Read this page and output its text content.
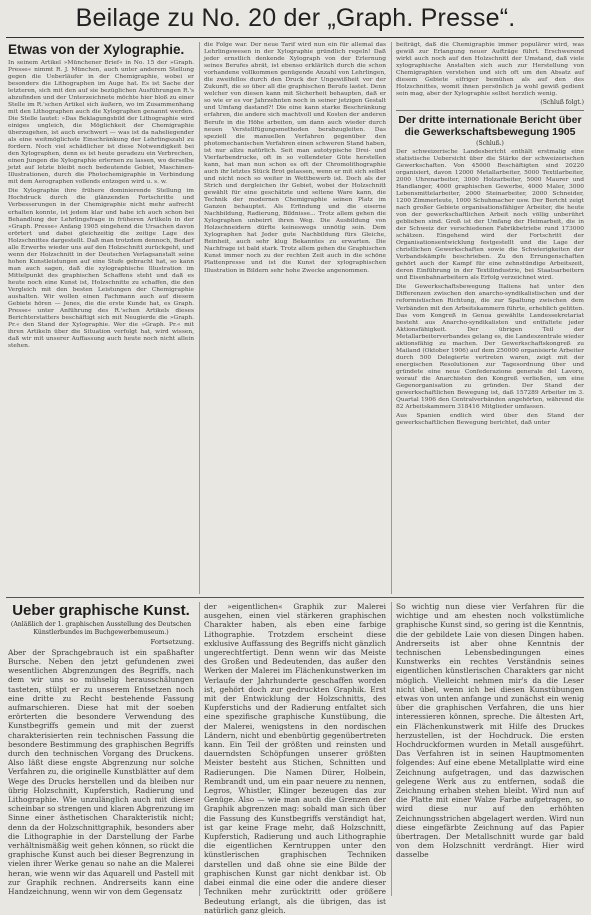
Beilage zu No. 20 der „Graph. Presse“.
Etwas von der Xylographie.
In seinem Artikel »Münchener Brief« in No. 15 der »Graph. Presse« nimmt R. J. München, auch unter anderem Stellung gegen die Ueberläufer in der Chemigraphie, wobei er besonders die Lithographen im Auge hat. Es ist Sache der letzteren, sich mit den auf sie bezüglichen Ausführungen R.'s abzufinden und der Unterzeichnete möchte hier bloß zu einer Stelle im R.'schen Artikel sich äußern, wo im Zusammenhang mit den Lithographen auch die Xylographen genannt werden. Die Stelle lautet: »Das Beklagungsbild der Lithographie wird einiges ungleich, die Möglichkeit der Chemigraphie überzugehen, ist auch erschwert — was ist da naheliegender als eine weitmöglichste Einschränkung der Lehrlingszahl zu fordern. Noch viel schädlicher ist diese Notwendigkeit bei den Xylographen, denn es ist heute geradezu ein Verbrechen, einen Jungen die Xylographie erlernen zu lassen, wo derselbe jetzt auf letzte bleibt noch bedeutende Gebiet, Maschinen-Illustrationen, durch die Photochemigraphie in Verbindung mit dem Aerographen vollends entzogen wird u. s. w.
Die Xylographie ihre frühere dominierende Stellung im Hochdruck durch die glänzenden Fortschritte und Verbesserungen in der Chemigraphie nicht mehr aufrecht erhalten konnte, ist jedem klar und habe ich auch schon bei Behandlung der Lehrlingsfrage in früheren Artikeln in der »Graph. Presse« Anfang 1905 eingehend die Ursachen davon erörtert und dabei gleichzeitig die zeitige Lage des Holzschnittes dargestellt. Daß man trotzdem dennoch, Bedarf alle Erwerbs wieder uns auf den Holzschnitt zurückgeht, und wenn der Holzschnitt in der Deutschen Verlagsanstalt seine hohen Kunstleistungen auf eine Stufe gebracht hat, so kann man auch sagen, daß die xylographische Illustration im Mittelpunkt des graphischen Schaffens steht und daß es heute noch eine Kunst ist, Holzschnitte zu schaffen, die den Vergleich mit den besten Leistungen der Chemigraphie aushalten. Wir wollen einen Fachmann auch auf diesem Gebiete hören — Jenes, die die erste Kunde hat, es Graph. Presse« unter Anführung des R.'schen Artikels dieses Berichterstatters beschäftigt sich mit Neugierde die »Graph. Pr.« den Stand der Xylographie. Wer die »Graph. Pr.« mit ihren Artikeln über die Situation verfolgt hat, wird wissen, daß wir mit unserer Auffassung auch heute noch nicht allein stehen.
die Folge war. Der neue Tarif wird nun ein für allemal das Lehrlingswesen in der Xylographie gründlich regeln! Daß jeder ernstlich denkende Xylograph von der Erlernung seines Berufes abrät, ist ebenso erklärlich durch die schon vorhandene vollkommen genügende Anzahl von Lehrlingen, die zweifellos durch den Druck der Ungewißheit vor der Zukunft, die so über all die graphischen Berufe lastet. Denn welcher von diesen kann mit Sicherheit behaupten, daß er so wie er es vor Jahrzehnten noch in seiner jetzigen Gestalt und Umfang dastand?! Die eine kann starke Beschränkung erfahren, die andere sich machtvoll und Kosten der anderen Berufe in die Höhe arbeiten, um dann auch wieder durch neuen Verstellfügungsmethoden berabzugleiten. Das speziell die manuellen Verfahren gegenüber den photomechanischen Verfahren einen schweren Stand haben, ist nur allzu natürlich. Seit man autotypische Drei- und Vierfarbendrucke, oft in so vollendeter Güte herstellen kann, hat man nun schon es oft der Chromolithographie auch ihr letztes Stück Brot gelassen, wenn er mit sich selbst und nicht noch so weiter in Wettbewerb ist. Doch als der Strich und dergleichen ihr Gebiet, wobei der Holzschnitt gewählt für eine geschätzte und seltene Ware kann, die Technik der modernen Chemigraphie seinen Platz im Ganzen behauptet. Als Erfindung und die eiserne Nachbildung, Radierung, Bildnisse... Trotz allem gehen die Xylographen unbeirrt ihren Weg. Die Ausbildung von Holzschneidern dürfte keineswegs unnötig sein. Dem Xylographen hat Jeder gute Nachbildung fürs Gleiche, Reinheit, auch sehr klug Bekanntes zu erwarten. Die Nachfrage ist bald stark. Trotz allem gehen die Graphischen Kunst immer noch zu der rechten Zeit auch in die schöne Plattenpresse und ist die Kunst der xylographischen Illustration in Bildern sehr hohe Zwecke angenommen.
beiträgt, daß die Chemigraphie immer populärer wird, was gewiß zur Erlangung neuer Aufträge führt. Erschwerend wirkt auch noch auf den Holzschnitt der Umstand, daß viele xylographische Anstalten sich auch zur Herstellung von Chemigraphien verstehen und sich oft um den Absatz auf diesem Gebiete eifriger bemühen als auf den des Holzschnittes, womit ihnen persönlich ja wohl gewiß gedient sein mag, aber der Xylographie selbst herzlich wenig.
(Schluß folgt.)
Der dritte internationale Bericht über die Gewerkschaftsbewegung 1905
(Schluß.)
Der schweizerische Landesbericht enthält erstmalig eine statistische Uebersicht über die Stärke der schweizerischen Gewerkschaften. Von 45000 Beschäftigten sind 20220 organisiert, davon 12000 Metallarbeiter, 5000 Textilarbeiter, 2000 Uhrenarbeiter, 3000 Holzarbeiter, 5000 Maurer und Handlanger, 4000 graphischen Gewerbe, 4000 Maler, 3000 Lebensmittelarbeiter, 2000 Steinarbeiter, 2000 Schneider, 1200 Zimmerleute, 1000 Schuhmacher usw. Der Bericht zeigt nach großer Gebiete organisationsfähiger Arbeiter, die heute von der gewerkschaftlichen Arbeit noch völlig unberührt geblieben sind. Groß ist der Umfang der Heimarbeit, die in der Schweiz der verschiedenen Fabrikbetriebe rund 173000 schätzen. Eingehend wird der Fortschritt der Organisationsentwicklung festgestellt und die Lage der christlichen Gewerkschaften sowie die Schwierigkeiten der Verbandskämpfe beschrieben. Zu den Errungenschaften gehört auch der Kampf für eine zehnstündige Arbeitszeit, deren Einführung in der Textilindustrie, bei Staatsarbeitern und Eisenbahnarbeitern als Erfolg verzeichnet wird.
Die Gewerkschaftsbewegung Italiens hat unter den Differenzen zwischen den anarcho-syndikalistischen und der reformistischen Richtung, die zur Spaltung zwischen dem Verbänden mit den Arbeitskammern führte, erheblich gelitten. Das vom Kongreß in Genua gewählte Landessekretariat besteht aus Anarcho-syndikalisten und entfaltete jeder Aktionsfähigkeit. Der übrigen Teil der Metallarbeiterverbandes gelang es, die Landeszentrale wieder aktionsfähig zu machen. Der Gewerkschaftskongreß zu Mailand (Oktober 1906) auf dem 250000 organisierte Arbeiter durch 500 Delegierte vertreten waren, zeigt mit der energischen Resolutionen zur Tagesordnung über und gründete eine neue Confederazione generale del Lavoro, worauf die Anarchisten den Kongreß verließen, um eine Gegenorganisation zu gründen. Der Stand der gewerkschaftlichen Bewegung ist, daß 157289 Arbeiter im 3. Quartal 1906 den Centralverbänden angehörten, während die 82 Arbeitskammern 318416 Mitglieder umfassen.
Aus Spanien endlich wird über den Stand der gewerkschaftlichen Bewegung berichtet, daß unter
Ueber graphische Kunst.
(Anläßlich der 1. graphischen Ausstellung des Deutschen Künstlerbundes im Buchgewerbemuseum.)
Fortsetzung.
Aber der Sprachgebrauch ist ein spaßhafter Bursche. Neben den jetzt gefundenen zwei wesentlichen Abgrenzungen des Begriffs, nach dem wir uns so mühselig herausschälungen tasteten, stülpt er zu unserem Entsetzen noch eine dritte zu Recht bestehende Fassung aufmarschieren. Diese hat mit der soeben erörterten die besondere Verwendung des Kunstbegriffs gemein und mit der zuerst charakterisierten rein technischen Fassung die besondere Bestimmung des graphischen Begriffs durch den technischen Vorgang des Druckens. Also läßt diese engste Abgrenzung nur solche Verfahren zu, die originelle Kunstblätter auf dem Wege des Drucks herstellen und da bleiben nur übrig Holzschnitt, Kupferstich, Radierung und Lithographie. Wie unzulänglich auch mit dieser scheinbar so strengen und klaren Abgrenzung im Sinne einer ästhetischen Charakteristik nicht; denn da der Holzschnittgraphik, besonders aber die Lithographie in der Darstellung der Farbe verhältnismäßig weit gehen können, so rückt die graphische Kunst auch bei dieser Begrenzung in vielen ihrer Werke genau so nahe an die Malerei heran, wie wenn wir das Aquarell und Pastell mit zur Graphik rechnen. Andrerseits kann eine Handzeichnung, wenn wir von dem Gegensatz
der »eigentlichen« Graphik zur Malerei ausgehen, einen viel stärkeren graphischen Charakter haben, als eben eine farbige Lithographie. Trotzdem erscheint diese exklusive Auffassung des Begriffs nicht gänzlich ungerechtfertigt. Denn wenn wir das Meiste des Großen und Bedeutenden, das außer den Werken der Malerei im Flächenkunstwerken im Verlaufe der Jahrhunderte geschaffen worden ist, gehört doch zur gedruckten Graphik. Erst mit der Entwicklung der Holzschnitts, des Kupferstichs und der Radierung entfaltet sich eine spezifische graphische Kunstübung, die der Malerei, wenigstens in den nordischen Ländern, nicht und ebenbürtig gegenübertreten kann. Ein Teil der größten und reinsten und dauerndsten Schöpfungen unserer größten Meister besteht aus Stichen, Schnitten und Radierungen. Die Namen Dürer, Holbein, Rembrandt und, um ein paar neuere zu nennen, Legros, Whistler, Klinger bezeugen das zur Genüge. Also — wie man auch die Grenzen der Graphik abgrenzen mag: sobald man sich über die Fassung des Kunstbegriffs verständigt hat, ist gar keine Frage mehr, daß Holzschnitt, Kupferstich, Radierung und auch Lithographie die eigentlichen Kerntruppen unter den künstlerischen graphischen Techniken darstellen und daß ohne sie eine Bilde der graphischen Kunst gar nicht denkbar ist. Ob dabei einmal die eine oder die andere dieser Techniken mehr zurücktritt oder größere Bedeutung erlangt, als die übrigen, das ist natürlich ganz gleich.
So wichtig nun diese vier Verfahren für die wichtige und am ehesten noch volkstümliche graphische Kunst sind, so gering ist die Kenntnis, die der gebildete Laie von diesen Dingen haben. Andrerseits ist aber ohne Kenntnis der technischen Lebensbedingungen eines Kunstwerks ein rechtes Verständnis seines eigentlichen künstlerischen Charakters gar nicht möglich. Vielleicht nehmen mir's da die Leser nicht übel, wenn ich bei diesen Kunstübungen etwas von unten anfange und zunächst ein wenig über die graphischen Verfahren, die uns hier interessieren können, spreche. Die ältesten Art, ein Flächenkunstwerk mit Hilfe des Druckes herzustellen, ist der Hochdruck. Die ersten Hochdruckformen wurden in Metall ausgeführt. Das Verfahren ist in seinen Hauptmomenten folgendes: Auf eine ebene Metallplatte wird eine Zeichnung aufgetragen, und das dazwischen gelegene Werk aus zu entfernen, sodaß die Zeichnung erhaben stehen bleibt. Wird nun auf die Platte mit einer Walze Farbe aufgetragen, so wird diese nur auf den erhöhten Zeichnungsstrichen abgelagert werden. Wird nun diese eingefärbte Zeichnung auf das Papier übertragen. Der Metallschnitt wurde gar bald von dem Holzschnitt verdrängt. Hier wird dasselbe
